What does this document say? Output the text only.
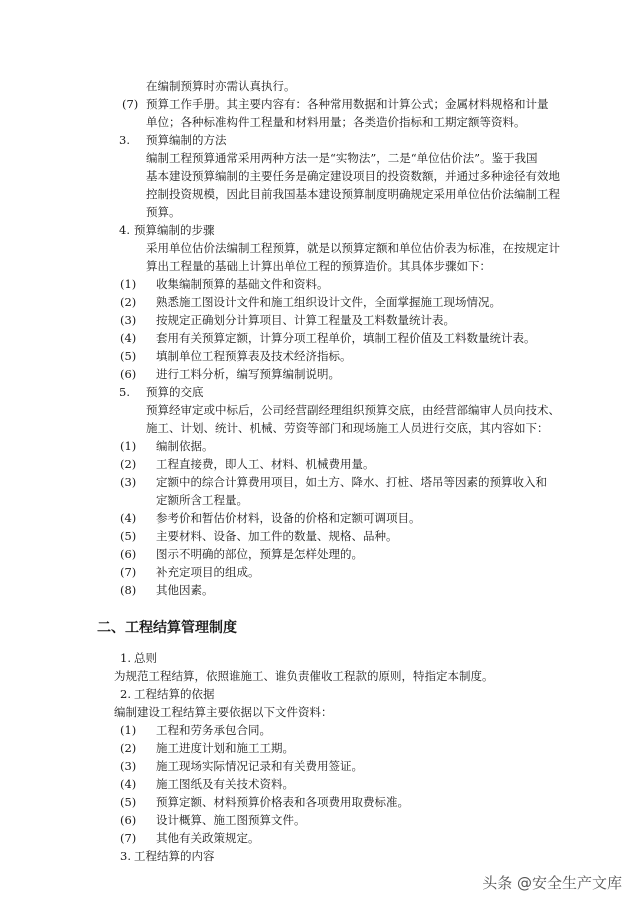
在编制预算时亦需认真执行。
(7) 预算工作手册。其主要内容有：各种常用数据和计算公式；金属材料规格和计量
单位；各种标准构件工程量和材料用量；各类造价指标和工期定额等资料。
3. 预算编制的方法
编制工程预算通常采用两种方法一是“实物法”，二是“单位估价法”。鉴于我国
基本建设预算编制的主要任务是确定建设项目的投资数额，并通过多种途径有效地
控制投资规模，因此目前我国基本建设预算制度明确规定采用单位估价法编制工程
预算。
4. 预算编制的步骤
采用单位估价法编制工程预算，就是以预算定额和单位估价表为标准，在按规定计
算出工程量的基础上计算出单位工程的预算造价。其具体步骤如下：
(1) 收集编制预算的基础文件和资料。
(2) 熟悉施工图设计文件和施工组织设计文件，全面掌握施工现场情况。
(3) 按规定正确划分计算项目、计算工程量及工料数量统计表。
(4) 套用有关预算定额，计算分项工程单价，填制工程价值及工料数量统计表。
(5) 填制单位工程预算表及技术经济指标。
(6) 进行工料分析，编写预算编制说明。
5. 预算的交底
预算经审定或中标后，公司经营副经理组织预算交底，由经营部编审人员向技术、
施工、计划、统计、机械、劳资等部门和现场施工人员进行交底，其内容如下：
(1) 编制依据。
(2) 工程直接费，即人工、材料、机械费用量。
(3) 定额中的综合计算费用项目，如土方、降水、打桩、塔吊等因素的预算收入和
定额所含工程量。
(4) 参考价和暂估价材料，设备的价格和定额可调项目。
(5) 主要材料、设备、加工件的数量、规格、品种。
(6) 图示不明确的部位，预算是怎样处理的。
(7) 补充定项目的组成。
(8) 其他因素。
二、工程结算管理制度
1. 总则
为规范工程结算，依照谁施工、谁负责催收工程款的原则，特指定本制度。
2. 工程结算的依据
编制建设工程结算主要依据以下文件资料：
(1) 工程和劳务承包合同。
(2) 施工进度计划和施工工期。
(3) 施工现场实际情况记录和有关费用签证。
(4) 施工图纸及有关技术资料。
(5) 预算定额、材料预算价格表和各项费用取费标准。
(6) 设计概算、施工图预算文件。
(7) 其他有关政策规定。
3. 工程结算的内容
头条 @安全生产文库
